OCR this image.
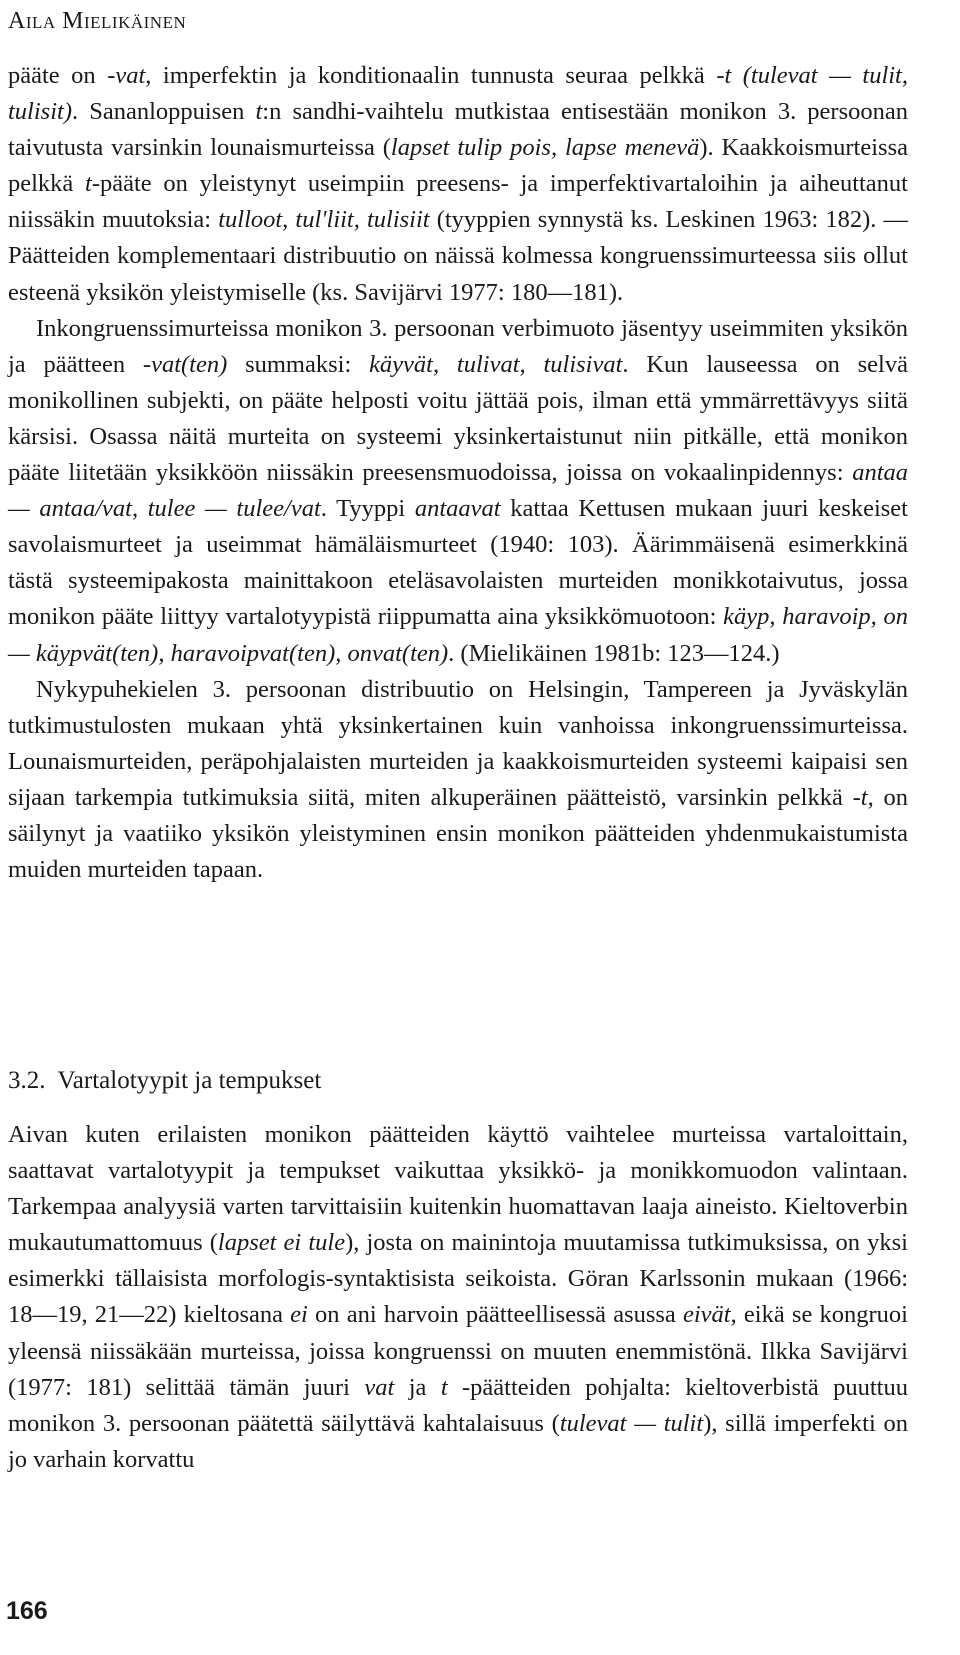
Aila Mielikäinen

pääte on -vat, imperfektin ja konditionaalin tunnusta seuraa pelkkä -t (tulevat — tulit, tulisit). Sananloppuisen t:n sandhi-vaihtelu mutkistaa entisestään monikon 3. persoonan taivutusta varsinkin lounaismurteissa (lapset tulip pois, lapse menevä). Kaakkoismurteissa pelkkä t-pääte on yleistynyt useimpiin preesens- ja imperfektivartaloihin ja aiheuttanut niissäkin muutoksia: tulloot, tul'liit, tulisiit (tyyppien synnystä ks. Leskinen 1963: 182). — Päätteiden komplementaari distribuutio on näissä kolmessa kongruenssimurteessa siis ollut esteenä yksikön yleistymiselle (ks. Savijärvi 1977: 180—181).

Inkongruenssimurteissa monikon 3. persoonan verbimuoto jäsentyy useimmiten yksikön ja päätteen -vat(ten) summaksi: käyvät, tulivat, tulisivat. Kun lauseessa on selvä monikollinen subjekti, on pääte helposti voitu jättää pois, ilman että ymmärrettävyys siitä kärsisi. Osassa näitä murteita on systeemi yksinkertaistunut niin pitkälle, että monikon pääte liitetään yksikköön niissäkin preesensmuodoissa, joissa on vokaalinpidennys: antaa — antaa/vat, tulee — tulee/vat. Tyyppi antaavat kattaa Kettusen mukaan juuri keskeiset savolaismurteet ja useimmat hämäläismurteet (1940: 103). Äärimmäisenä esimerkkinä tästä systeemipakosta mainittakoon eteläsavolaisten murteiden monikkotaivutus, jossa monikon pääte liittyy vartalotyypistä riippumatta aina yksikkömuotoon: käyp, haravoip, on — käypvät(ten), haravoipvat(ten), onvat(ten). (Mielikäinen 1981b: 123—124.)

Nykypuhekielen 3. persoonan distribuutio on Helsingin, Tampereen ja Jyväskylän tutkimustulosten mukaan yhtä yksinkertainen kuin vanhoissa inkongruenssimurteissa. Lounaismurteiden, peräpohjalaisten murteiden ja kaakkoismurteiden systeemi kaipaisi sen sijaan tarkempia tutkimuksia siitä, miten alkuperäinen päätteistö, varsinkin pelkkä -t, on säilynyt ja vaatiiko yksikön yleistyminen ensin monikon päätteiden yhdenmukaistumista muiden murteiden tapaan.

3.2. Vartalotyypit ja tempukset

Aivan kuten erilaisten monikon päätteiden käyttö vaihtelee murteissa vartaloittain, saattavat vartalotyypit ja tempukset vaikuttaa yksikkö- ja monikkomuodon valintaan. Tarkempaa analyysiä varten tarvittaisiin kuitenkin huomattavan laaja aineisto. Kieltoverbin mukautumattomuus (lapset ei tule), josta on mainintoja muutamissa tutkimuksissa, on yksi esimerkki tällaisista morfologis-syntaktisista seikoista. Göran Karlssonin mukaan (1966: 18—19, 21—22) kieltosana ei on ani harvoin päätteellisessä asussa eivät, eikä se kongruoi yleensä niissäkään murteissa, joissa kongruenssi on muuten enemmistönä. Ilkka Savijärvi (1977: 181) selittää tämän juuri vat ja t -päätteiden pohjalta: kieltoverbistä puuttuu monikon 3. persoonan päätettä säilyttävä kahtalaisuus (tulevat — tulit), sillä imperfekti on jo varhain korvattu

166
